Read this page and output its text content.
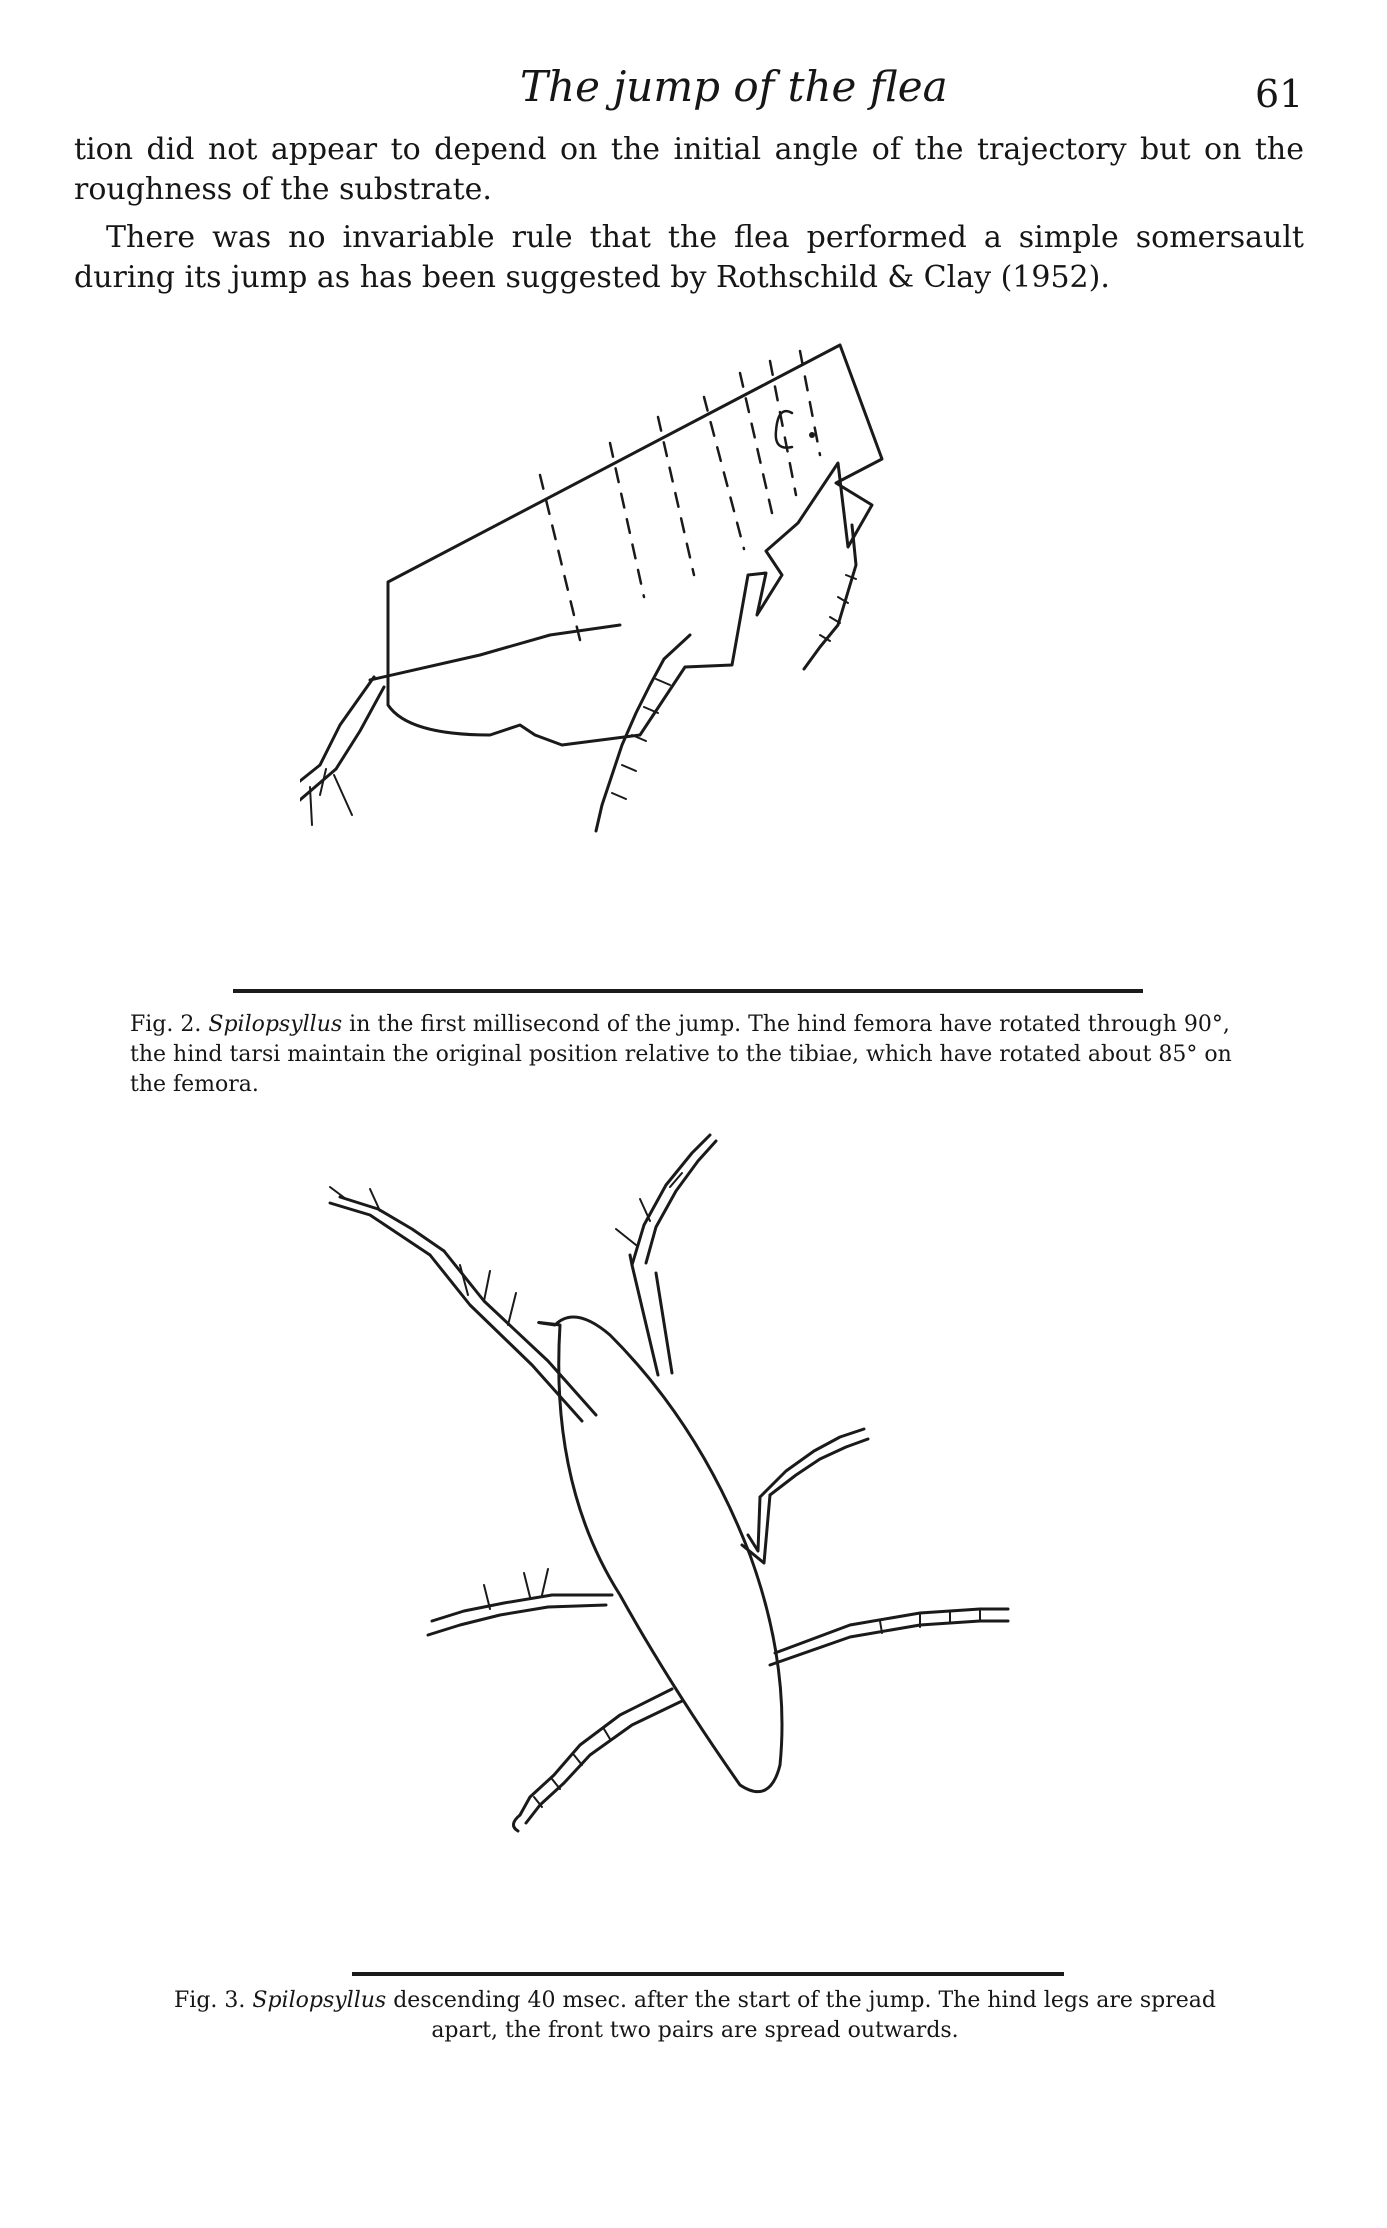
The jump of the flea	61

tion did not appear to depend on the initial angle of the trajectory but on the roughness of the substrate.

There was no invariable rule that the flea performed a simple somersault during its jump as has been suggested by Rothschild & Clay (1952).

Fig. 2. Spilopsyllus in the first millisecond of the jump. The hind femora have rotated through 90°, the hind tarsi maintain the original position relative to the tibiae, which have rotated about 85° on the femora.
Fig. 3. Spilopsyllus descending 40 msec. after the start of the jump. The hind legs are spread apart, the front two pairs are spread outwards.
